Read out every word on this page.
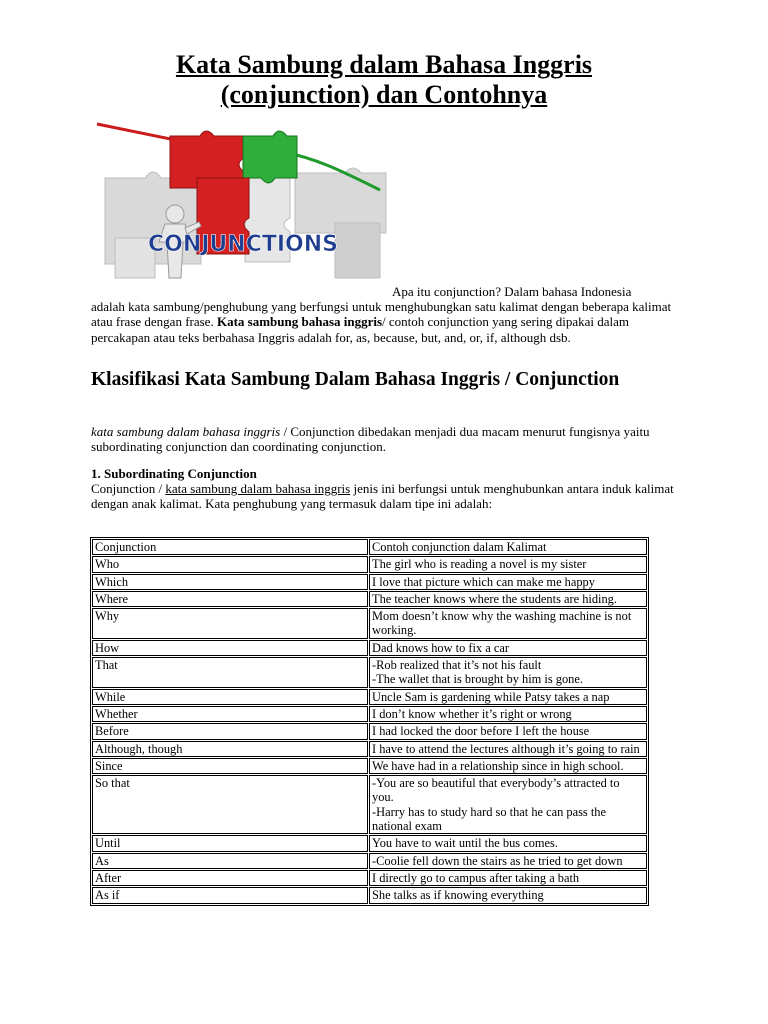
Kata Sambung dalam Bahasa Inggris
(conjunction) dan Contohnya
CONJUNCTIONS
Apa itu conjunction? Dalam bahasa Indonesia
adalah kata sambung/penghubung yang berfungsi untuk menghubungkan satu kalimat dengan beberapa kalimat atau frase dengan frase. Kata sambung bahasa inggris/ contoh conjunction yang sering dipakai dalam percakapan atau teks berbahasa Inggris adalah for, as, because, but, and, or, if, although dsb.
Klasifikasi Kata Sambung Dalam Bahasa Inggris / Conjunction
kata sambung dalam bahasa inggris / Conjunction dibedakan menjadi dua macam menurut fungisnya yaitu subordinating conjunction dan coordinating conjunction.
1. Subordinating Conjunction
Conjunction / kata sambung dalam bahasa inggris jenis ini berfungsi untuk menghubunkan antara induk kalimat dengan anak kalimat. Kata penghubung yang termasuk dalam tipe ini adalah:
Conjunction	Contoh conjunction dalam Kalimat
Who	The girl who is reading a novel is my sister

Which	I love that picture which can make me happy

Where	The teacher knows where the students are hiding.

Why	Mom doesn’t know why the washing machine is not working.

How	Dad knows how to fix a car

That	-Rob realized that it’s not his fault
-The wallet that is brought by him is gone.

While	Uncle Sam is gardening while Patsy takes a nap

Whether	I don’t know whether it’s right or wrong

Before	I had locked the door before I left the house

Although, though	I have to attend the lectures although it’s going to rain

Since	We have had in a relationship since in high school.

So that	-You are so beautiful that everybody’s attracted to you.
-Harry has to study hard so that he can pass the national exam

Until	You have to wait until the bus comes.

As	-Coolie fell down the stairs as he tried to get down

After	I directly go to campus after taking a bath

As if	She talks as if knowing everything
